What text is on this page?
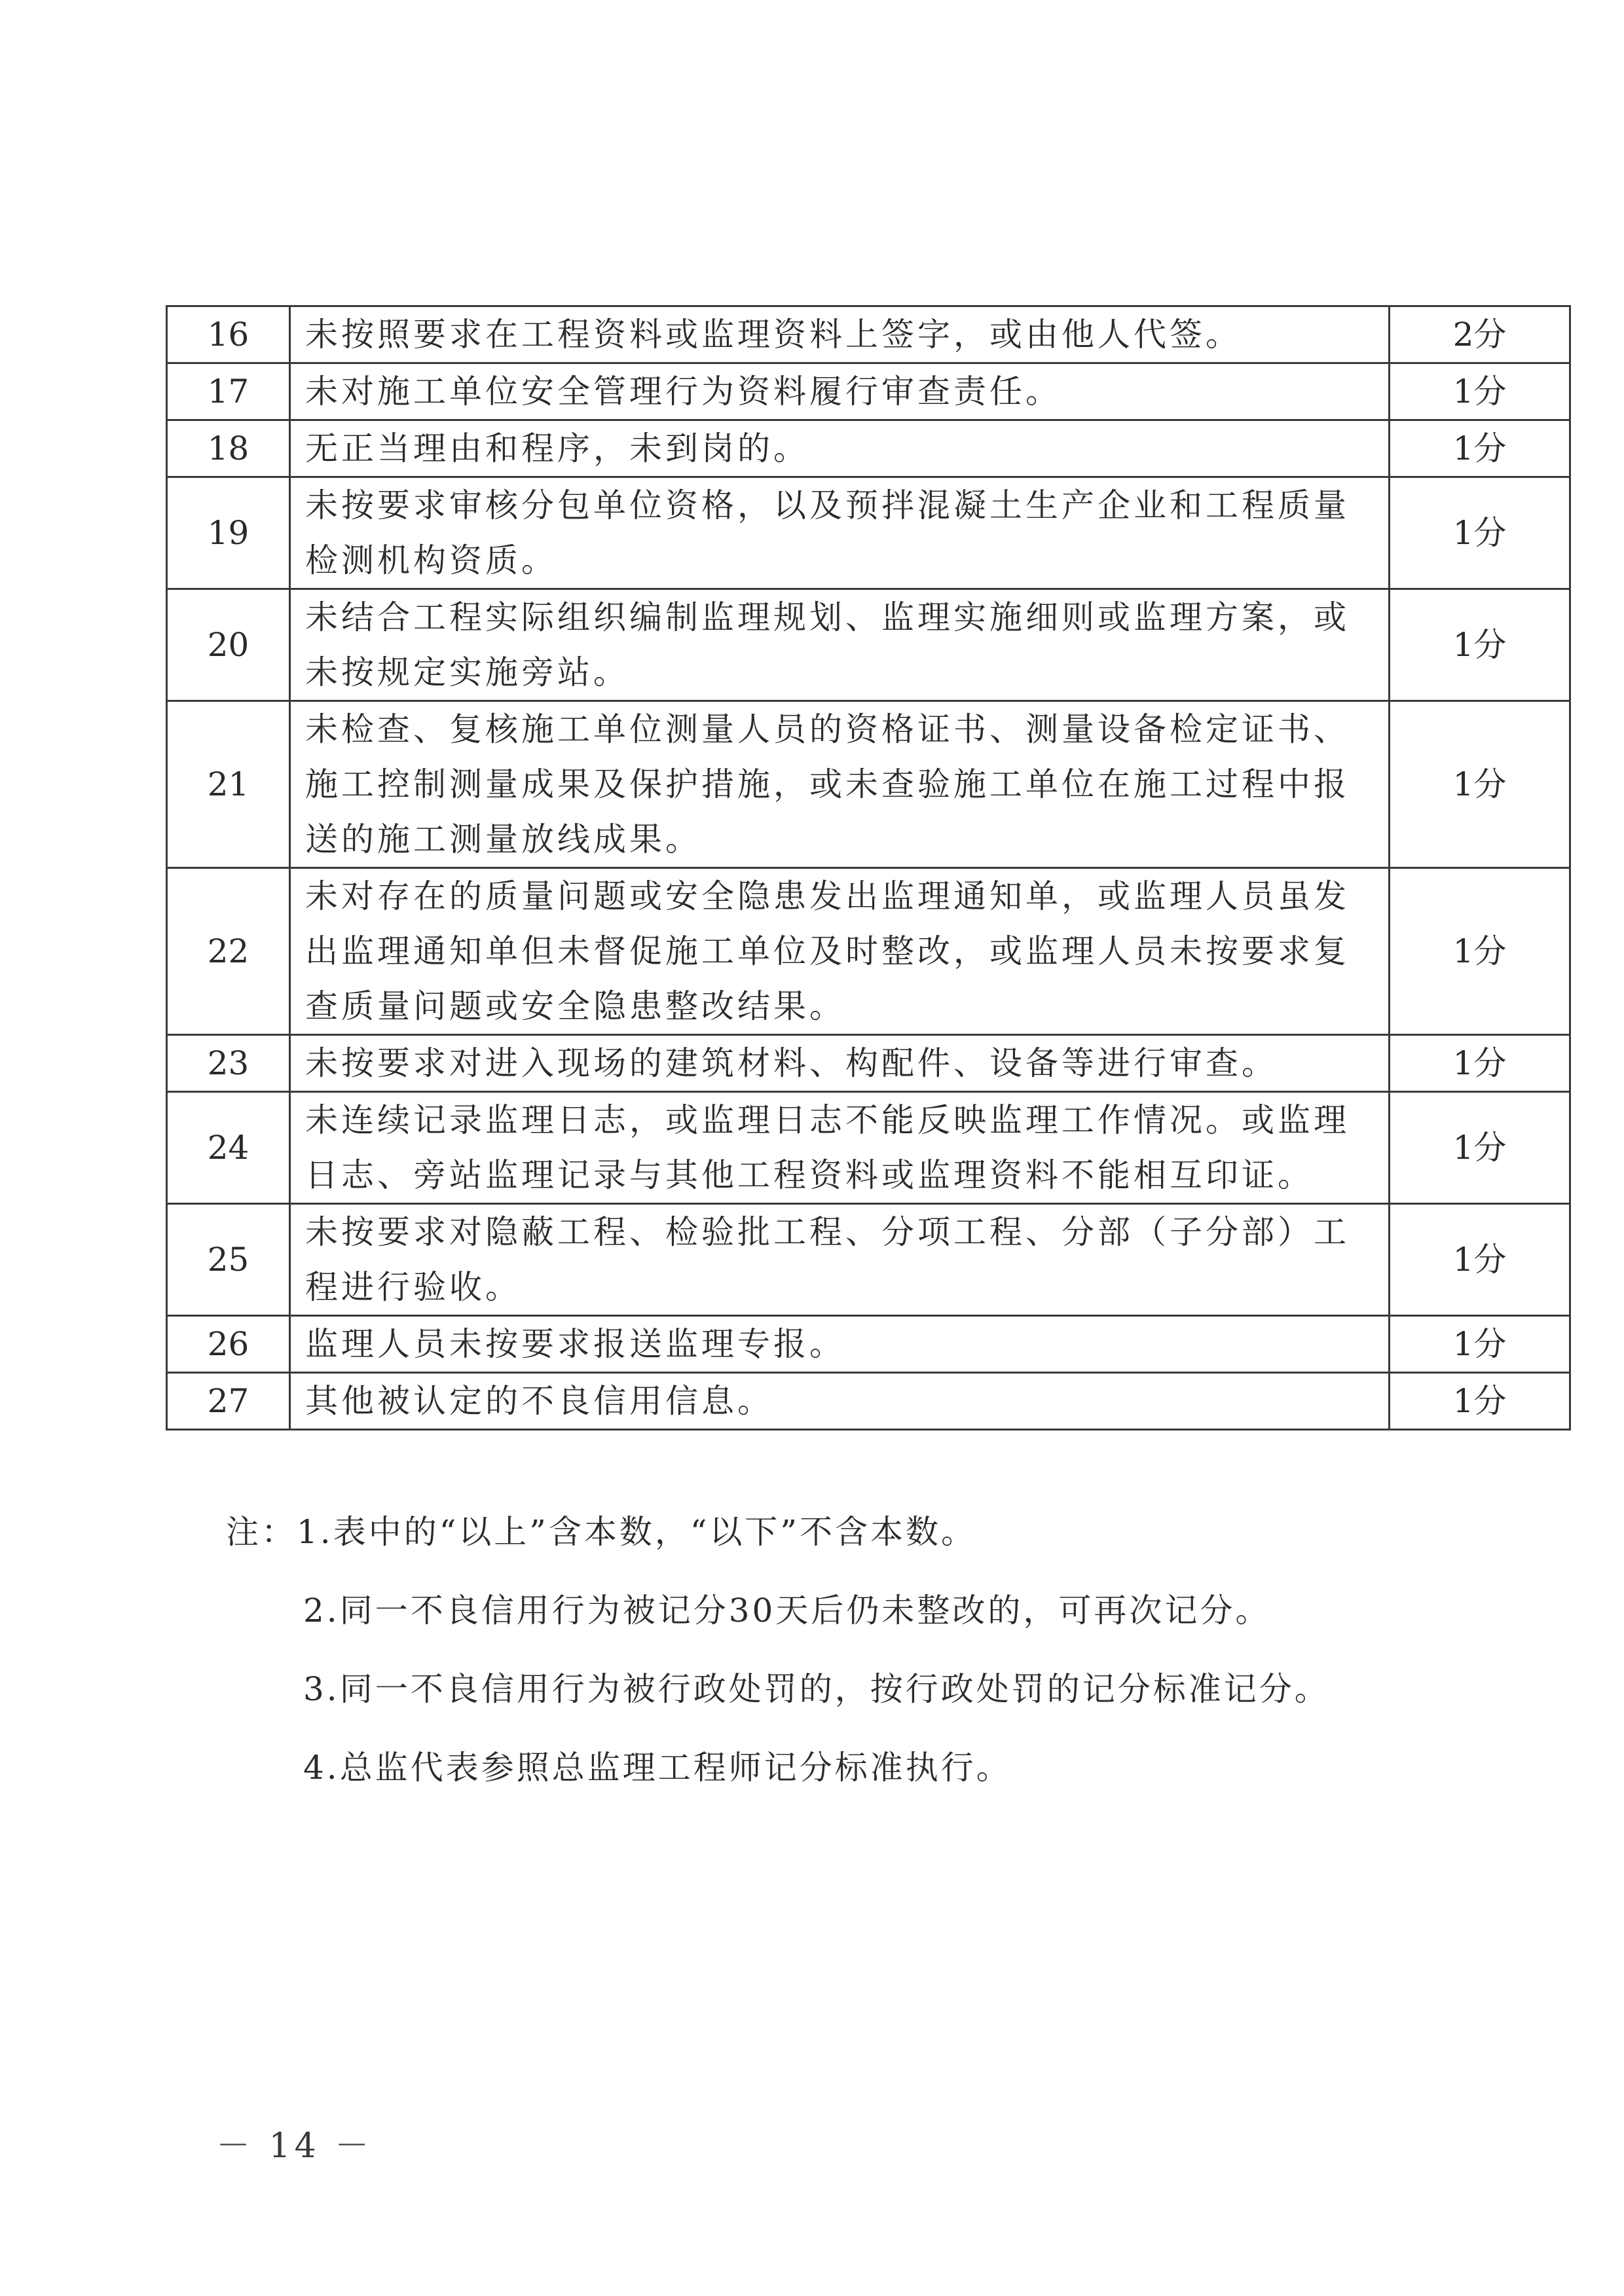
16	未按照要求在工程资料或监理资料上签字，或由他人代签。	2分
17	未对施工单位安全管理行为资料履行审查责任。	1分
18	无正当理由和程序，未到岗的。	1分
19	未按要求审核分包单位资格，以及预拌混凝土生产企业和工程质量检测机构资质。	1分
20	未结合工程实际组织编制监理规划、监理实施细则或监理方案，或未按规定实施旁站。	1分
21	未检查、复核施工单位测量人员的资格证书、测量设备检定证书、施工控制测量成果及保护措施，或未查验施工单位在施工过程中报送的施工测量放线成果。	1分
22	未对存在的质量问题或安全隐患发出监理通知单，或监理人员虽发出监理通知单但未督促施工单位及时整改，或监理人员未按要求复查质量问题或安全隐患整改结果。	1分
23	未按要求对进入现场的建筑材料、构配件、设备等进行审查。	1分
24	未连续记录监理日志，或监理日志不能反映监理工作情况。或监理日志、旁站监理记录与其他工程资料或监理资料不能相互印证。	1分
25	未按要求对隐蔽工程、检验批工程、分项工程、分部（子分部）工程进行验收。	1分
26	监理人员未按要求报送监理专报。	1分
27	其他被认定的不良信用信息。	1分
注：1.表中的“以上”含本数，“以下”不含本数。
2.同一不良信用行为被记分30天后仍未整改的，可再次记分。
3.同一不良信用行为被行政处罚的，按行政处罚的记分标准记分。
4.总监代表参照总监理工程师记分标准执行。
－ 14 －
